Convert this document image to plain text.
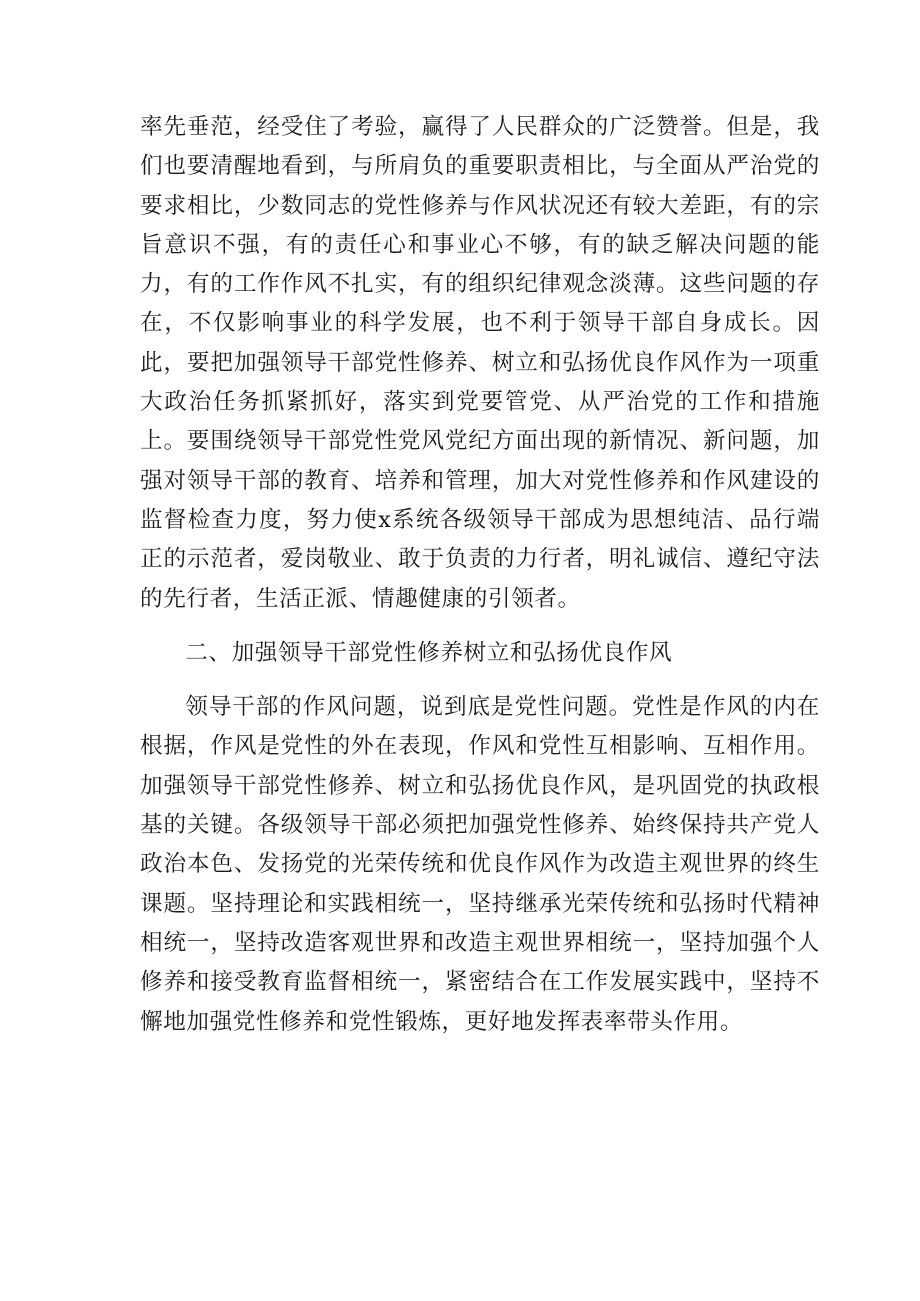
率先垂范，经受住了考验，赢得了人民群众的广泛赞誉。但是，我们也要清醒地看到，与所肩负的重要职责相比，与全面从严治党的要求相比，少数同志的党性修养与作风状况还有较大差距，有的宗旨意识不强，有的责任心和事业心不够，有的缺乏解决问题的能力，有的工作作风不扎实，有的组织纪律观念淡薄。这些问题的存在，不仅影响事业的科学发展，也不利于领导干部自身成长。因此，要把加强领导干部党性修养、树立和弘扬优良作风作为一项重大政治任务抓紧抓好，落实到党要管党、从严治党的工作和措施上。要围绕领导干部党性党风党纪方面出现的新情况、新问题，加强对领导干部的教育、培养和管理，加大对党性修养和作风建设的监督检查力度，努力使x系统各级领导干部成为思想纯洁、品行端正的示范者，爱岗敬业、敢于负责的力行者，明礼诚信、遵纪守法的先行者，生活正派、情趣健康的引领者。

二、加强领导干部党性修养树立和弘扬优良作风

领导干部的作风问题，说到底是党性问题。党性是作风的内在根据，作风是党性的外在表现，作风和党性互相影响、互相作用。加强领导干部党性修养、树立和弘扬优良作风，是巩固党的执政根基的关键。各级领导干部必须把加强党性修养、始终保持共产党人政治本色、发扬党的光荣传统和优良作风作为改造主观世界的终生课题。坚持理论和实践相统一，坚持继承光荣传统和弘扬时代精神相统一，坚持改造客观世界和改造主观世界相统一，坚持加强个人修养和接受教育监督相统一，紧密结合在工作发展实践中，坚持不懈地加强党性修养和党性锻炼，更好地发挥表率带头作用。
